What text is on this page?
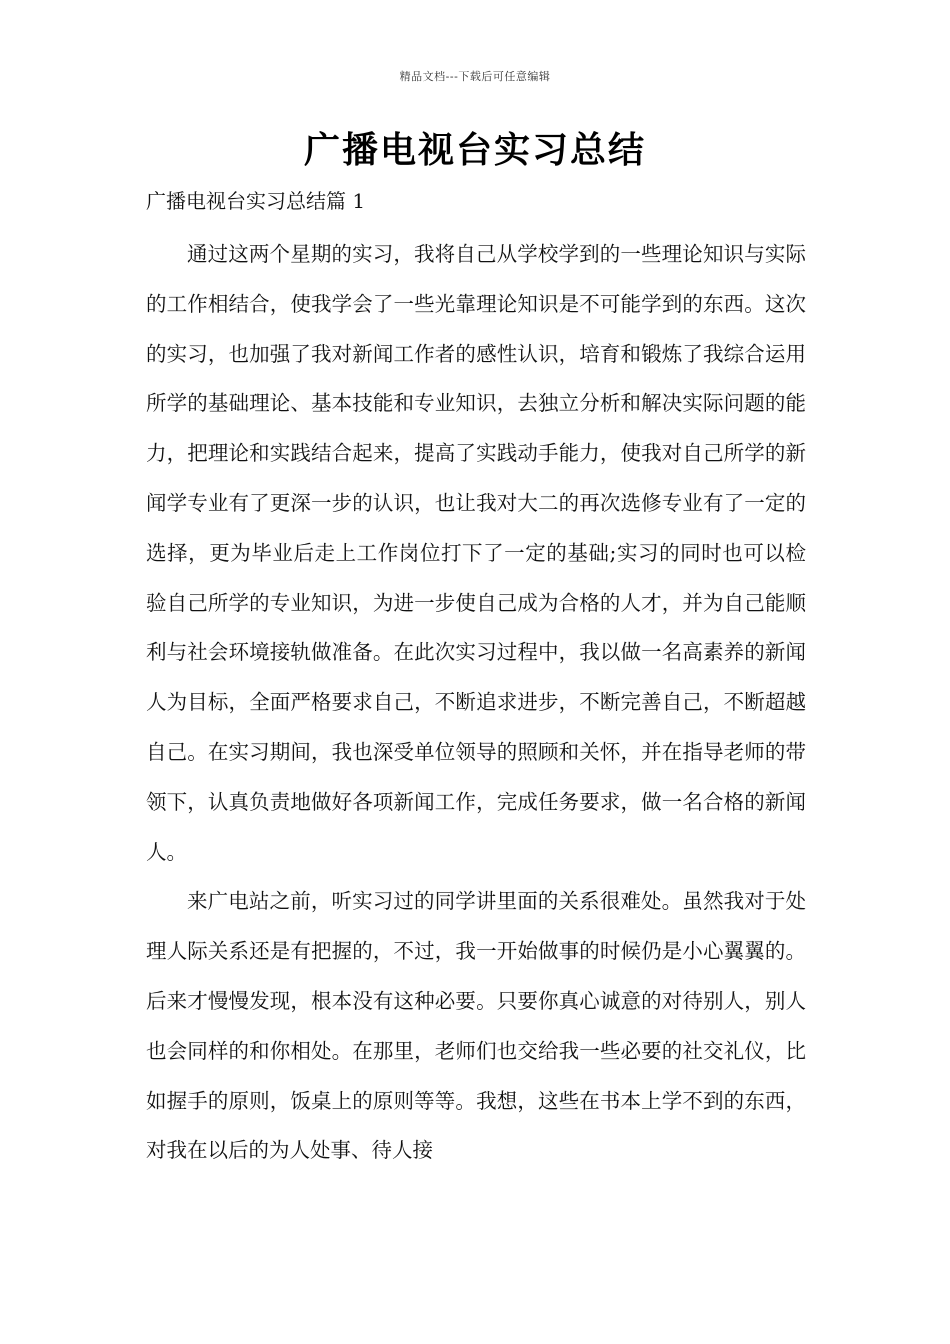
精品文档---下载后可任意编辑
广播电视台实习总结
广播电视台实习总结篇 1

通过这两个星期的实习，我将自己从学校学到的一些理论知识与实际的工作相结合，使我学会了一些光靠理论知识是不可能学到的东西。这次的实习，也加强了我对新闻工作者的感性认识，培育和锻炼了我综合运用所学的基础理论、基本技能和专业知识，去独立分析和解决实际问题的能力，把理论和实践结合起来，提高了实践动手能力，使我对自己所学的新闻学专业有了更深一步的认识，也让我对大二的再次选修专业有了一定的选择，更为毕业后走上工作岗位打下了一定的基础;实习的同时也可以检验自己所学的专业知识，为进一步使自己成为合格的人才，并为自己能顺利与社会环境接轨做准备。在此次实习过程中，我以做一名高素养的新闻人为目标，全面严格要求自己，不断追求进步，不断完善自己，不断超越自己。在实习期间，我也深受单位领导的照顾和关怀，并在指导老师的带领下，认真负责地做好各项新闻工作，完成任务要求，做一名合格的新闻人。

来广电站之前，听实习过的同学讲里面的关系很难处。虽然我对于处理人际关系还是有把握的，不过，我一开始做事的时候仍是小心翼翼的。后来才慢慢发现，根本没有这种必要。只要你真心诚意的对待别人，别人也会同样的和你相处。在那里，老师们也交给我一些必要的社交礼仪，比如握手的原则，饭桌上的原则等等。我想，这些在书本上学不到的东西，对我在以后的为人处事、待人接
